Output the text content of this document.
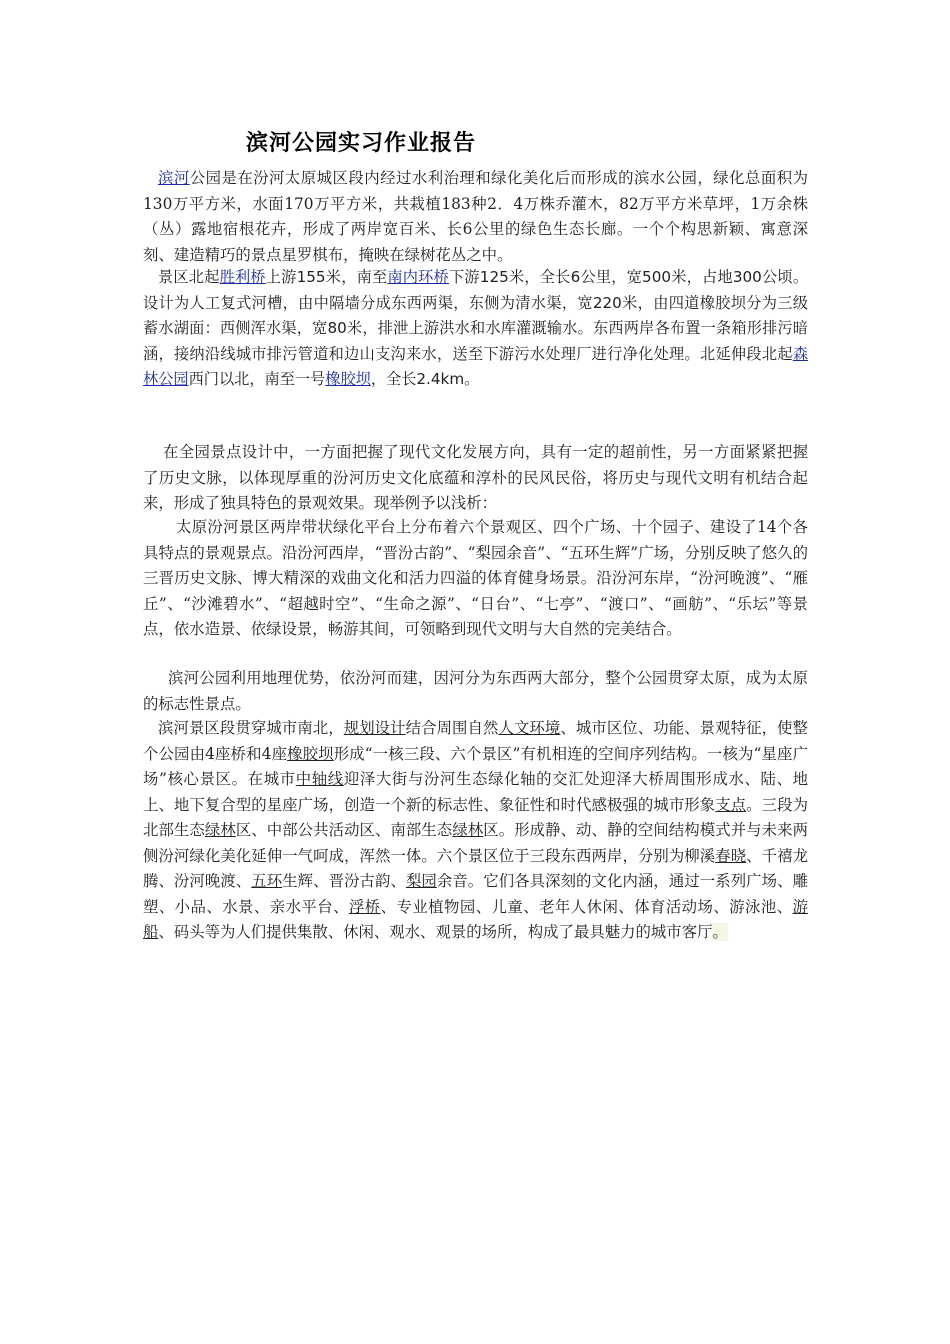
滨河公园实习作业报告

滨河公园是在汾河太原城区段内经过水利治理和绿化美化后而形成的滨水公园，绿化总面积为130万平方米，水面170万平方米，共栽植183种2．4万株乔灌木，82万平方米草坪，1万余株（丛）露地宿根花卉，形成了两岸宽百米、长6公里的绿色生态长廊。一个个构思新颖、寓意深刻、建造精巧的景点星罗棋布，掩映在绿树花丛之中。

景区北起胜利桥上游155米，南至南内环桥下游125米，全长6公里，宽500米，占地300公顷。设计为人工复式河槽，由中隔墙分成东西两渠，东侧为清水渠，宽220米，由四道橡胶坝分为三级蓄水湖面：西侧浑水渠，宽80米，排泄上游洪水和水库灌溉输水。东西两岸各布置一条箱形排污暗涵，接纳沿线城市排污管道和边山支沟来水，送至下游污水处理厂进行净化处理。北延伸段北起森林公园西门以北，南至一号橡胶坝，全长2.4km。

在全园景点设计中，一方面把握了现代文化发展方向，具有一定的超前性，另一方面紧紧把握了历史文脉，以体现厚重的汾河历史文化底蕴和淳朴的民风民俗，将历史与现代文明有机结合起来，形成了独具特色的景观效果。现举例予以浅析：

太原汾河景区两岸带状绿化平台上分布着六个景观区、四个广场、十个园子、建设了14个各具特点的景观景点。沿汾河西岸，“晋汾古韵”、“梨园余音”、“五环生辉”广场，分别反映了悠久的三晋历史文脉、博大精深的戏曲文化和活力四溢的体育健身场景。沿汾河东岸，“汾河晚渡”、“雁丘”、“沙滩碧水”、“超越时空”、“生命之源”、“日台”、“七亭”、“渡口”、“画舫”、“乐坛”等景点，依水造景、依绿设景，畅游其间，可领略到现代文明与大自然的完美结合。

滨河公园利用地理优势，依汾河而建，因河分为东西两大部分，整个公园贯穿太原，成为太原的标志性景点。

滨河景区段贯穿城市南北，规划设计结合周围自然人文环境、城市区位、功能、景观特征，使整个公园由4座桥和4座橡胶坝形成“一核三段、六个景区”有机相连的空间序列结构。一核为“星座广场”核心景区。在城市中轴线迎泽大街与汾河生态绿化轴的交汇处迎泽大桥周围形成水、陆、地上、地下复合型的星座广场，创造一个新的标志性、象征性和时代感极强的城市形象支点。三段为北部生态绿林区、中部公共活动区、南部生态绿林区。形成静、动、静的空间结构模式并与未来两侧汾河绿化美化延伸一气呵成，浑然一体。六个景区位于三段东西两岸，分别为柳溪春晓、千禧龙腾、汾河晚渡、五环生辉、晋汾古韵、梨园余音。它们各具深刻的文化内涵，通过一系列广场、雕塑、小品、水景、亲水平台、浮桥、专业植物园、儿童、老年人休闲、体育活动场、游泳池、游船、码头等为人们提供集散、休闲、观水、观景的场所，构成了最具魅力的城市客厅。
